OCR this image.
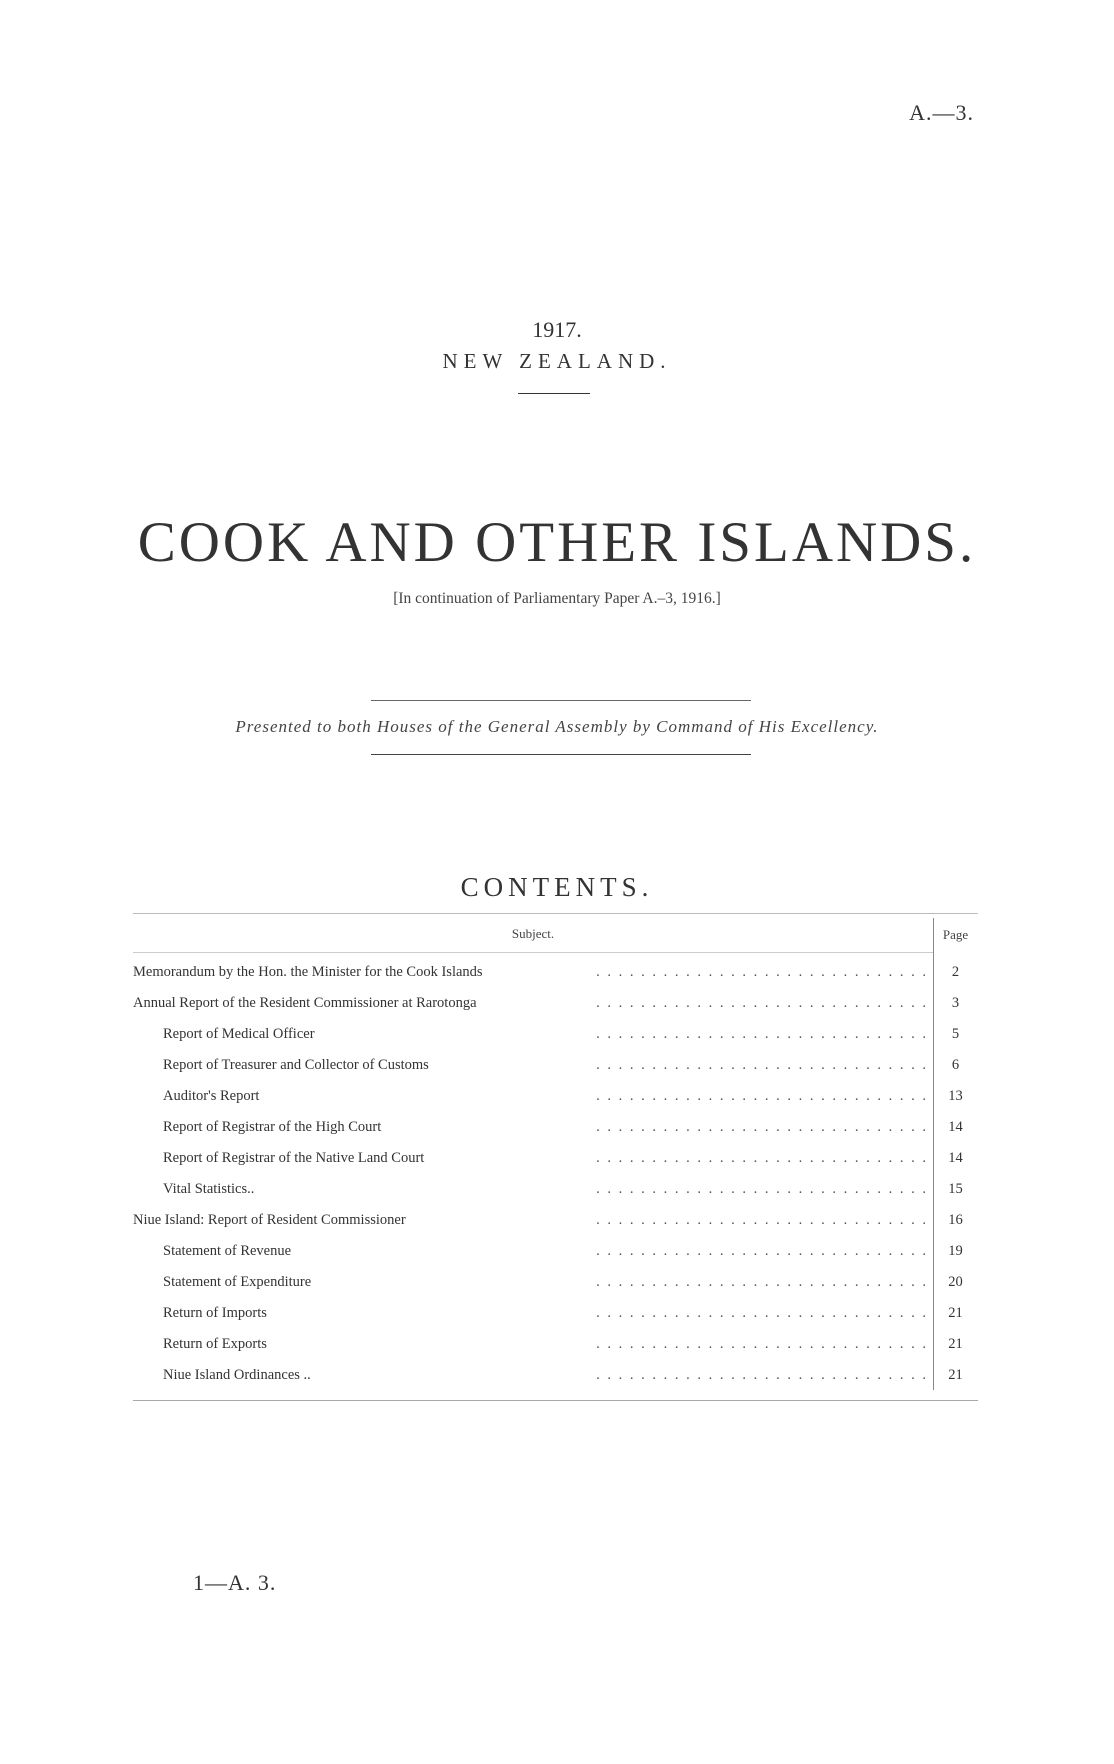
A.—3.
1917.
NEW ZEALAND.
COOK AND OTHER ISLANDS.
[In continuation of Parliamentary Paper A.–3, 1916.]
Presented to both Houses of the General Assembly by Command of His Excellency.
CONTENTS.
Subject.	Page
. . . . . . . . . . . . . . . . . . . . . . . . . . . . . .
Memorandum by the Hon. the Minister for the Cook Islands	2
. . . . . . . . . . . . . . . . . . . . . . . . . . . . . .
Annual Report of the Resident Commissioner at Rarotonga	3
. . . . . . . . . . . . . . . . . . . . . . . . . . . . . .
Report of Medical Officer	5
. . . . . . . . . . . . . . . . . . . . . . . . . . . . . .
Report of Treasurer and Collector of Customs	6
. . . . . . . . . . . . . . . . . . . . . . . . . . . . . .
Auditor's Report	13
. . . . . . . . . . . . . . . . . . . . . . . . . . . . . .
Report of Registrar of the High Court	14
. . . . . . . . . . . . . . . . . . . . . . . . . . . . . .
Report of Registrar of the Native Land Court	14
. . . . . . . . . . . . . . . . . . . . . . . . . . . . . .
Vital Statistics..	15
. . . . . . . . . . . . . . . . . . . . . . . . . . . . . .
Niue Island: Report of Resident Commissioner	16
. . . . . . . . . . . . . . . . . . . . . . . . . . . . . .
Statement of Revenue	19
. . . . . . . . . . . . . . . . . . . . . . . . . . . . . .
Statement of Expenditure	20
. . . . . . . . . . . . . . . . . . . . . . . . . . . . . .
Return of Imports	21
. . . . . . . . . . . . . . . . . . . . . . . . . . . . . .
Return of Exports	21
. . . . . . . . . . . . . . . . . . . . . . . . . . . . . .
Niue Island Ordinances ..	21
1—A. 3.
